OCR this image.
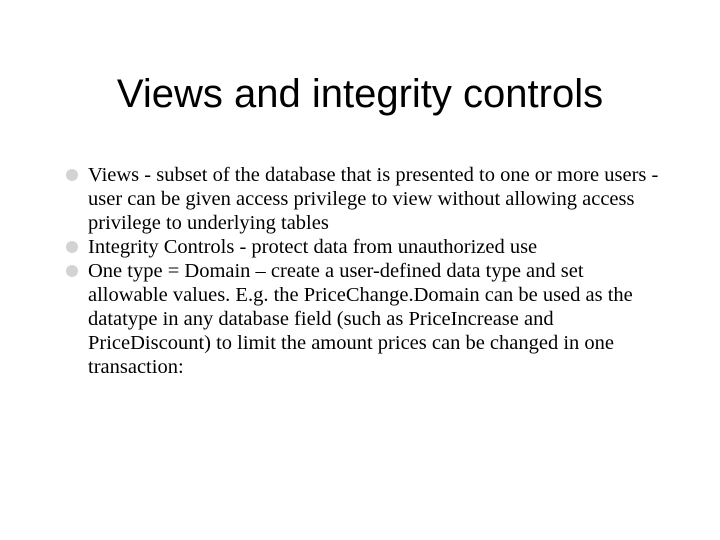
Views and integrity controls
Views - subset of the database that is presented to one or more users -user can be given access privilege to view without allowing access privilege to underlying tables
Integrity Controls - protect data from unauthorized use
One type = Domain – create a user-defined data type and set allowable values. E.g. the PriceChange.Domain can be used as the datatype in any database field (such as PriceIncrease and PriceDiscount) to limit the amount prices can be changed in one transaction:
